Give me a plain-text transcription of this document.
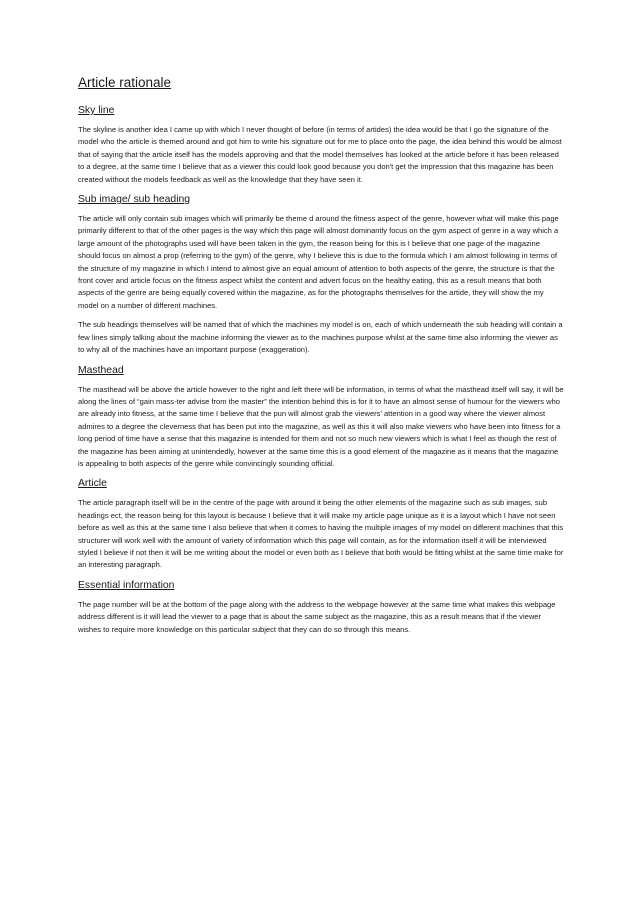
Article rationale
Sky line

The skyline is another idea I came up with which I never thought of before (in terms of artides) the idea would be that I go the signature of the model who the article is themed around and got him to write his signature out for me to place onto the page, the idea behind this would be almost that of saying that the article itself has the models approving and that the model themselves has looked at the article before it has been released to a degree, at the same time I believe that as a viewer this could look good because you don't get the impression that this magazine has been created without the models feedback as well as the knowledge that they have seen it.

Sub image/ sub heading

The article will only contain sub images which will primarily be theme d around the fitness aspect of the genre, however what will make this page primarily different to that of the other pages is the way which this page will almost dominantly focus on the gym aspect of genre in a way which a large amount of the photographs used will have been taken in the gym, the reason being for this is I believe that one page of the magazine should focus on almost a prop (referring to the gym) of the genre, why I believe this is due to the formula which I am almost following in terms of the structure of my magazine in which I intend to almost give an equal amount of attention to both aspects of the genre, the structure is that the front cover and article focus on the fitness aspect whilst the content and advert focus on the healthy eating, this as a result means that both aspects of the genre are being equally covered within the magazine, as for the photographs themselves for the artide, they will show the my model on a number of different machines.

The sub headings themselves will be named that of which the machines my model is on, each of which underneath the sub heading will contain a few lines simply talking about the machine informing the viewer as to the machines purpose whilst at the same time also informing the viewer as to why all of the machines have an important purpose (exaggeration).

Masthead

The masthead will be above the article however to the right and left there will be information, in terms of what the masthead itself will say, it will be along the lines of “gain mass-ter advise from the master” the intention behind this is for it to have an almost sense of humour for the viewers who are already into fitness, at the same time I believe that the pun will almost grab the viewers' attention in a good way where the viewer almost admires to a degree the cleverness that has been put into the magazine, as well as this it will also make viewers who have been into fitness for a long period of time have a sense that this magazine is intended for them and not so much new viewers which is what I feel as though the rest of the magazine has been aiming at unintendedly, however at the same time this is a good element of the magazine as it means that the magazine is appealing to both aspects of the genre while convincingly sounding official.

Article

The article paragraph itself will be in the centre of the page with around it being the other elements of the magazine such as sub images, sub headings ect, the reason being for this layout is because I believe that it will make my article page unique as it is a layout which I have not seen before as well as this at the same time I also believe that when it comes to having the multiple images of my model on different machines that this structurer will work well with the amount of variety of information which this page will contain, as for the information itself it will be interviewed styled I believe if not then it will be me writing about the model or even both as I believe that both would be fitting whilst at the same time make for an interesting paragraph.

Essential information

The page number will be at the bottom of the page along with the address to the webpage however at the same time what makes this webpage address different is it will lead the viewer to a page that is about the same subject as the magazine, this as a result means that if the viewer wishes to require more knowledge on this particular subject that they can do so through this means.
